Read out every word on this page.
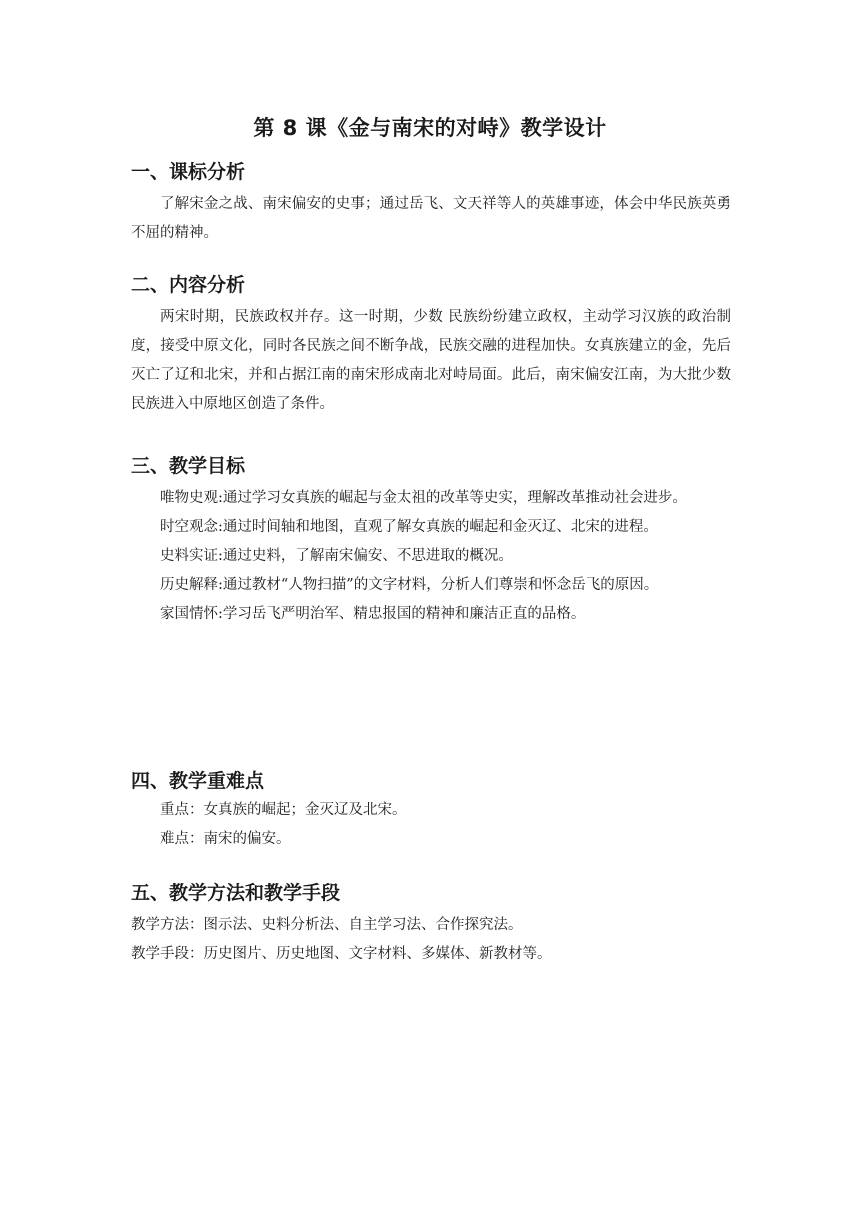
第 8 课《金与南宋的对峙》教学设计
一、课标分析

了解宋金之战、南宋偏安的史事；通过岳飞、文天祥等人的英雄事迹，体会中华民族英勇不屈的精神。

二、内容分析

两宋时期，民族政权并存。这一时期，少数 民族纷纷建立政权，主动学习汉族的政治制度，接受中原文化，同时各民族之间不断争战，民族交融的进程加快。女真族建立的金，先后灭亡了辽和北宋，并和占据江南的南宋形成南北对峙局面。此后，南宋偏安江南，为大批少数民族进入中原地区创造了条件。

三、教学目标

唯物史观:通过学习女真族的崛起与金太祖的改革等史实，理解改革推动社会进步。

时空观念:通过时间轴和地图，直观了解女真族的崛起和金灭辽、北宋的进程。

史料实证:通过史料，了解南宋偏安、不思进取的概况。

历史解释:通过教材“人物扫描”的文字材料，分析人们尊崇和怀念岳飞的原因。

家国情怀:学习岳飞严明治军、精忠报国的精神和廉洁正直的品格。

四、教学重难点

重点：女真族的崛起；金灭辽及北宋。

难点：南宋的偏安。

五、教学方法和教学手段

教学方法：图示法、史料分析法、自主学习法、合作探究法。

教学手段：历史图片、历史地图、文字材料、多媒体、新教材等。
